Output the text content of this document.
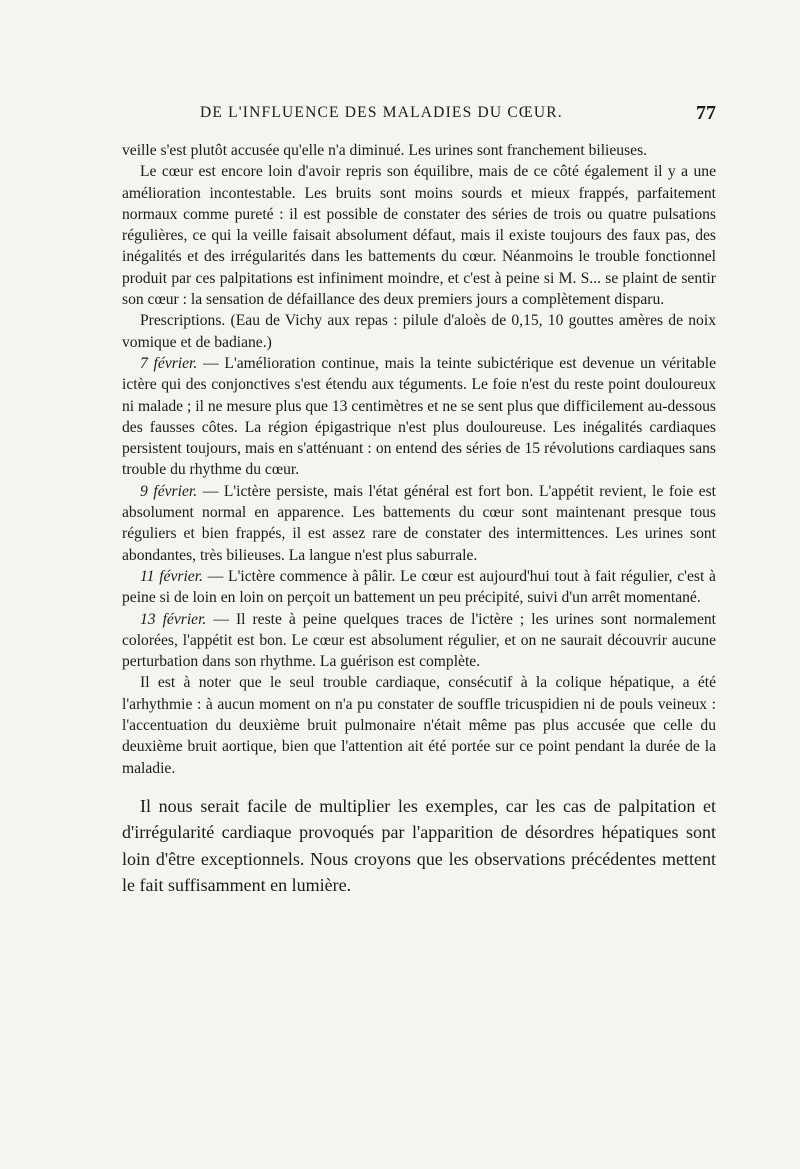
DE L'INFLUENCE DES MALADIES DU CŒUR.	77

veille s'est plutôt accusée qu'elle n'a diminué. Les urines sont franchement bilieuses.

Le cœur est encore loin d'avoir repris son équilibre, mais de ce côté également il y a une amélioration incontestable. Les bruits sont moins sourds et mieux frappés, parfaitement normaux comme pureté : il est possible de constater des séries de trois ou quatre pulsations régulières, ce qui la veille faisait absolument défaut, mais il existe toujours des faux pas, des inégalités et des irrégularités dans les battements du cœur. Néanmoins le trouble fonctionnel produit par ces palpitations est infiniment moindre, et c'est à peine si M. S... se plaint de sentir son cœur : la sensation de défaillance des deux premiers jours a complètement disparu.

Prescriptions. (Eau de Vichy aux repas : pilule d'aloès de 0,15, 10 gouttes amères de noix vomique et de badiane.)

7 février. — L'amélioration continue, mais la teinte subictérique est devenue un véritable ictère qui des conjonctives s'est étendu aux téguments. Le foie n'est du reste point douloureux ni malade ; il ne mesure plus que 13 centimètres et ne se sent plus que difficilement au-dessous des fausses côtes. La région épigastrique n'est plus douloureuse. Les inégalités cardiaques persistent toujours, mais en s'atténuant : on entend des séries de 15 révolutions cardiaques sans trouble du rhythme du cœur.

9 février. — L'ictère persiste, mais l'état général est fort bon. L'appétit revient, le foie est absolument normal en apparence. Les battements du cœur sont maintenant presque tous réguliers et bien frappés, il est assez rare de constater des intermittences. Les urines sont abondantes, très bilieuses. La langue n'est plus saburrale.

11 février. — L'ictère commence à pâlir. Le cœur est aujourd'hui tout à fait régulier, c'est à peine si de loin en loin on perçoit un battement un peu précipité, suivi d'un arrêt momentané.

13 février. — Il reste à peine quelques traces de l'ictère ; les urines sont normalement colorées, l'appétit est bon. Le cœur est absolument régulier, et on ne saurait découvrir aucune perturbation dans son rhythme. La guérison est complète.

Il est à noter que le seul trouble cardiaque, consécutif à la colique hépatique, a été l'arhythmie : à aucun moment on n'a pu constater de souffle tricuspidien ni de pouls veineux : l'accentuation du deuxième bruit pulmonaire n'était même pas plus accusée que celle du deuxième bruit aortique, bien que l'attention ait été portée sur ce point pendant la durée de la maladie.

Il nous serait facile de multiplier les exemples, car les cas de palpitation et d'irrégularité cardiaque provoqués par l'apparition de désordres hépatiques sont loin d'être exceptionnels. Nous croyons que les observations précédentes mettent le fait suffisamment en lumière.
